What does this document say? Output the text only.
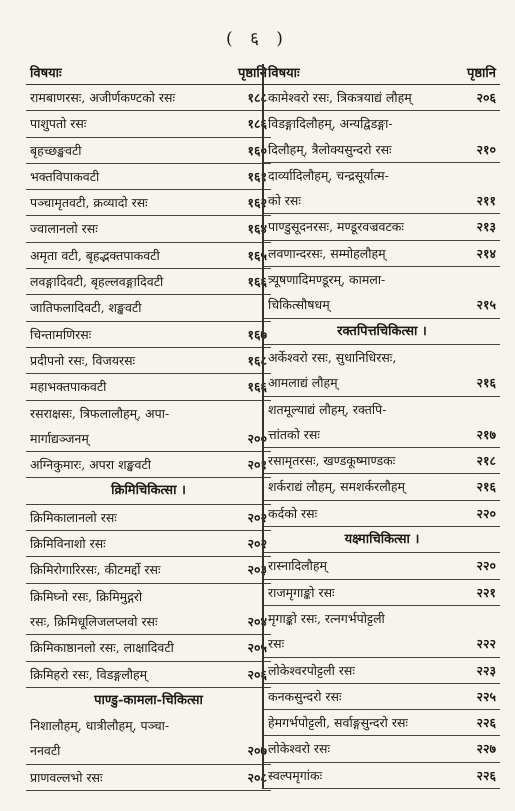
( ६ )
विषयाः	पृष्ठानि
रामबाणरसः, अजीर्णकण्टको रसः	१८८
पाशुपतो रसः	१८६
बृहच्छङ्खवटी	१६०
भक्तविपाकवटी	१६१
पञ्चामृतवटी, क्रव्यादो रसः	१६२
ज्वालानलो रसः	१६४
अमृता वटी, बृहद्भक्तपाकवटी	१६५
लवङ्गादिवटी, बृहल्लवङ्गादिवटी	१६६
जातिफलादिवटी, शङ्खवटी
चिन्तामणिरसः	१६७
प्रदीपनो रसः, विजयरसः	१६८
महाभक्तपाकवटी	१६६
रसराक्षसः, त्रिफलालौहम्, अपा-
मार्गाद्यञ्जनम्	२००
अग्निकुमारः, अपरा शङ्खवटी	२०१
क्रिमिचिकित्सा ।
क्रिमिकालानलो रसः	२०२
क्रिमिविनाशो रसः	२०२
क्रिमिरोगारिरसः, कीटमर्द्दो रसः	२०३
क्रिमिघ्नो रसः, क्रिमिमुद्गरो
रसः, क्रिमिधूलिजलप्लवो रसः	२०४
क्रिमिकाष्ठानलो रसः, लाक्षादिवटी	२०५
क्रिमिहरो रसः, विडङ्गलौहम्	२०६
पाण्डु-कामला-चिकित्सा
निशालौहम्, धात्रीलौहम्, पञ्चा-
ननवटी	२०७
प्राणवल्लभो रसः	२०८
विषयाः	पृष्ठानि
कामेश्वरो रसः, त्रिकत्रयाद्यं लौहम्	२०६
विडङ्गादिलौहम्, अन्यद्विडङ्गा-
दिलौहम्, त्रैलोक्यसुन्दरो रसः	२१०
दार्व्यादिलौहम्, चन्द्रसूर्यात्म-
को रसः	२११
पाण्डुसूदनरसः, मण्डूरवज्रवटकः	२१३
लवणान्दरसः, सम्मोहलौहम्	२१४
त्र्यूषणादिमण्डूरम्, कामला-
चिकित्सौषधम्	२१५
रक्तपित्तचिकित्सा ।
अर्केश्वरो रसः, सुधानिधिरसः,
आमलाद्यं लौहम्	२१६
शतमूल्याद्यं लौहम्, रक्तपि-
त्तांतको रसः	२१७
रसामृतरसः, खण्डकूष्माण्डकः	२१८
शर्कराद्यं लौहम्, समशर्करलौहम्	२१६
कर्दको रसः	२२०
यक्ष्माचिकित्सा ।
रास्नादिलौहम्	२२०
राजमृगाङ्को रसः	२२१
मृगाङ्को रसः, रत्नगर्भपोट्टली
रसः	२२२
लोकेश्वरपोट्टली रसः	२२३
कनकसुन्दरो रसः	२२५
हेमगर्भपोट्टली, सर्वाङ्गसुन्दरो रसः	२२६
लोकेश्वरो रसः	२२७
स्वल्पमृगांकः	२२६
